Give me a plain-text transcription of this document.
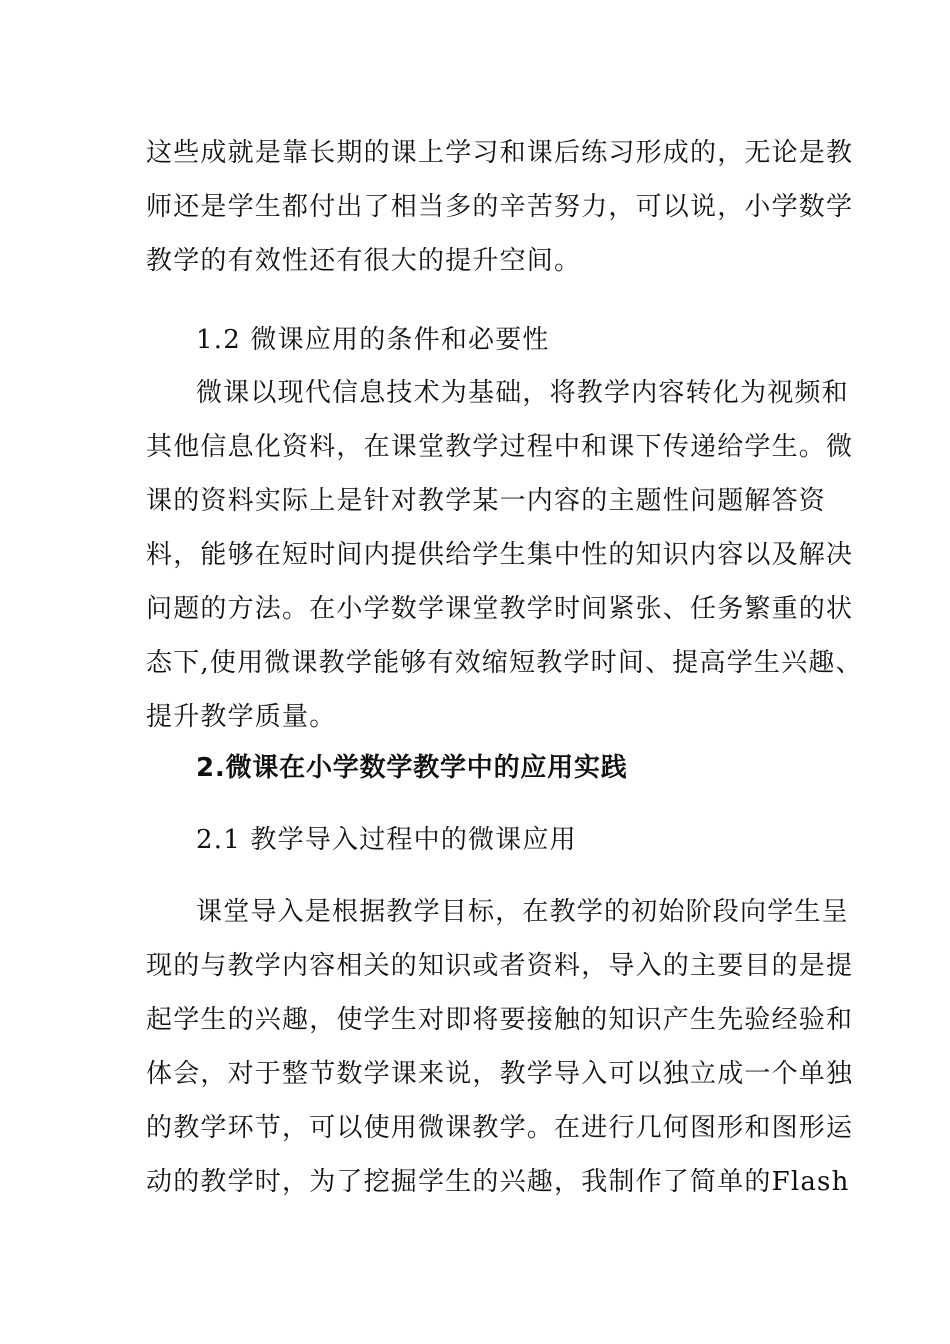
这些成就是靠长期的课上学习和课后练习形成的，无论是教
师还是学生都付出了相当多的辛苦努力，可以说，小学数学
教学的有效性还有很大的提升空间。
1.2 微课应用的条件和必要性
微课以现代信息技术为基础，将教学内容转化为视频和
其他信息化资料，在课堂教学过程中和课下传递给学生。微
课的资料实际上是针对教学某一内容的主题性问题解答资
料，能够在短时间内提供给学生集中性的知识内容以及解决
问题的方法。在小学数学课堂教学时间紧张、任务繁重的状
态下,使用微课教学能够有效缩短教学时间、提高学生兴趣、
提升教学质量。
2.微课在小学数学教学中的应用实践
2.1 教学导入过程中的微课应用
课堂导入是根据教学目标，在教学的初始阶段向学生呈
现的与教学内容相关的知识或者资料，导入的主要目的是提
起学生的兴趣，使学生对即将要接触的知识产生先验经验和
体会，对于整节数学课来说，教学导入可以独立成一个单独
的教学环节，可以使用微课教学。在进行几何图形和图形运
动的教学时，为了挖掘学生的兴趣，我制作了简单的Flash
